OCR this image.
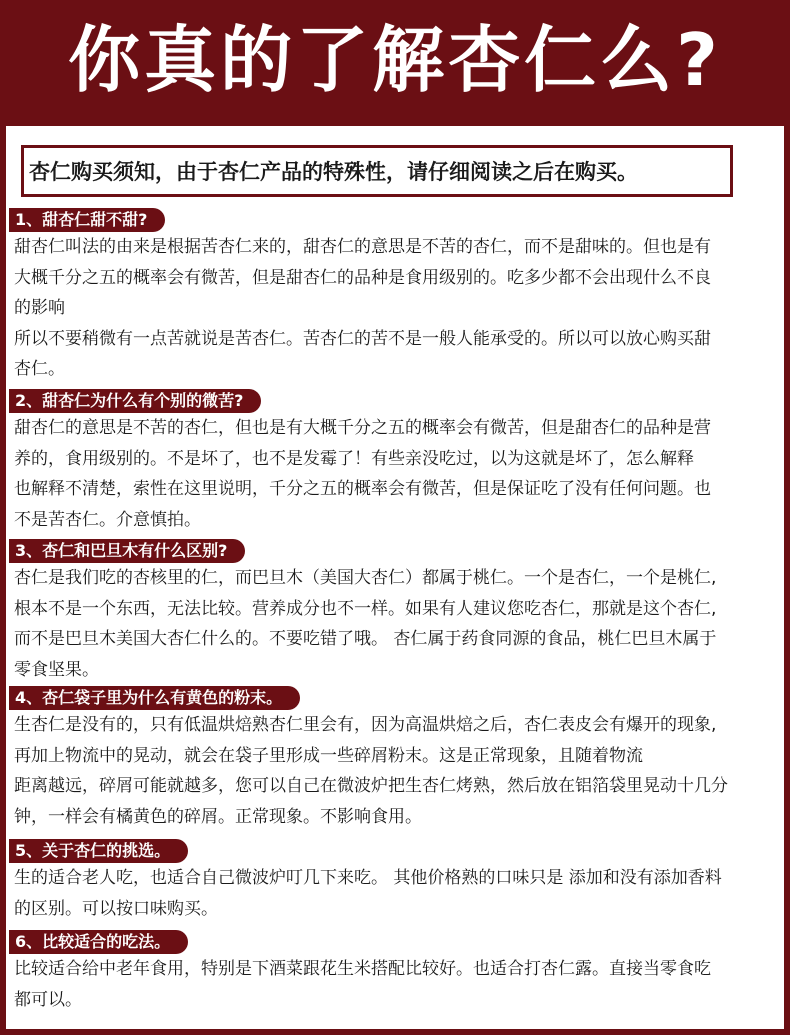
你真的了解杏仁么?
杏仁购买须知，由于杏仁产品的特殊性，请仔细阅读之后在购买。
1、甜杏仁甜不甜?

甜杏仁叫法的由来是根据苦杏仁来的，甜杏仁的意思是不苦的杏仁，而不是甜味的。但也是有
大概千分之五的概率会有微苦，但是甜杏仁的品种是食用级别的。吃多少都不会出现什么不良
的影响
所以不要稍微有一点苦就说是苦杏仁。苦杏仁的苦不是一般人能承受的。所以可以放心购买甜
杏仁。

2、甜杏仁为什么有个别的微苦?

甜杏仁的意思是不苦的杏仁，但也是有大概千分之五的概率会有微苦，但是甜杏仁的品种是营
养的，食用级别的。不是坏了，也不是发霉了！有些亲没吃过，以为这就是坏了，怎么解释
也解释不清楚，索性在这里说明，千分之五的概率会有微苦，但是保证吃了没有任何问题。也
不是苦杏仁。介意慎拍。

3、杏仁和巴旦木有什么区别?

杏仁是我们吃的杏核里的仁，而巴旦木（美国大杏仁）都属于桃仁。一个是杏仁，一个是桃仁,
根本不是一个东西，无法比较。营养成分也不一样。如果有人建议您吃杏仁，那就是这个杏仁,
而不是巴旦木美国大杏仁什么的。不要吃错了哦。 杏仁属于药食同源的食品，桃仁巴旦木属于
零食坚果。

4、杏仁袋子里为什么有黄色的粉末。

生杏仁是没有的，只有低温烘焙熟杏仁里会有，因为高温烘焙之后，杏仁表皮会有爆开的现象,
再加上物流中的晃动，就会在袋子里形成一些碎屑粉末。这是正常现象，且随着物流
距离越远，碎屑可能就越多，您可以自己在微波炉把生杏仁烤熟，然后放在铝箔袋里晃动十几分
钟，一样会有橘黄色的碎屑。正常现象。不影响食用。

5、关于杏仁的挑选。

生的适合老人吃，也适合自己微波炉叮几下来吃。 其他价格熟的口味只是 添加和没有添加香料
的区别。可以按口味购买。

6、比较适合的吃法。

比较适合给中老年食用，特别是下酒菜跟花生米搭配比较好。也适合打杏仁露。直接当零食吃
都可以。
